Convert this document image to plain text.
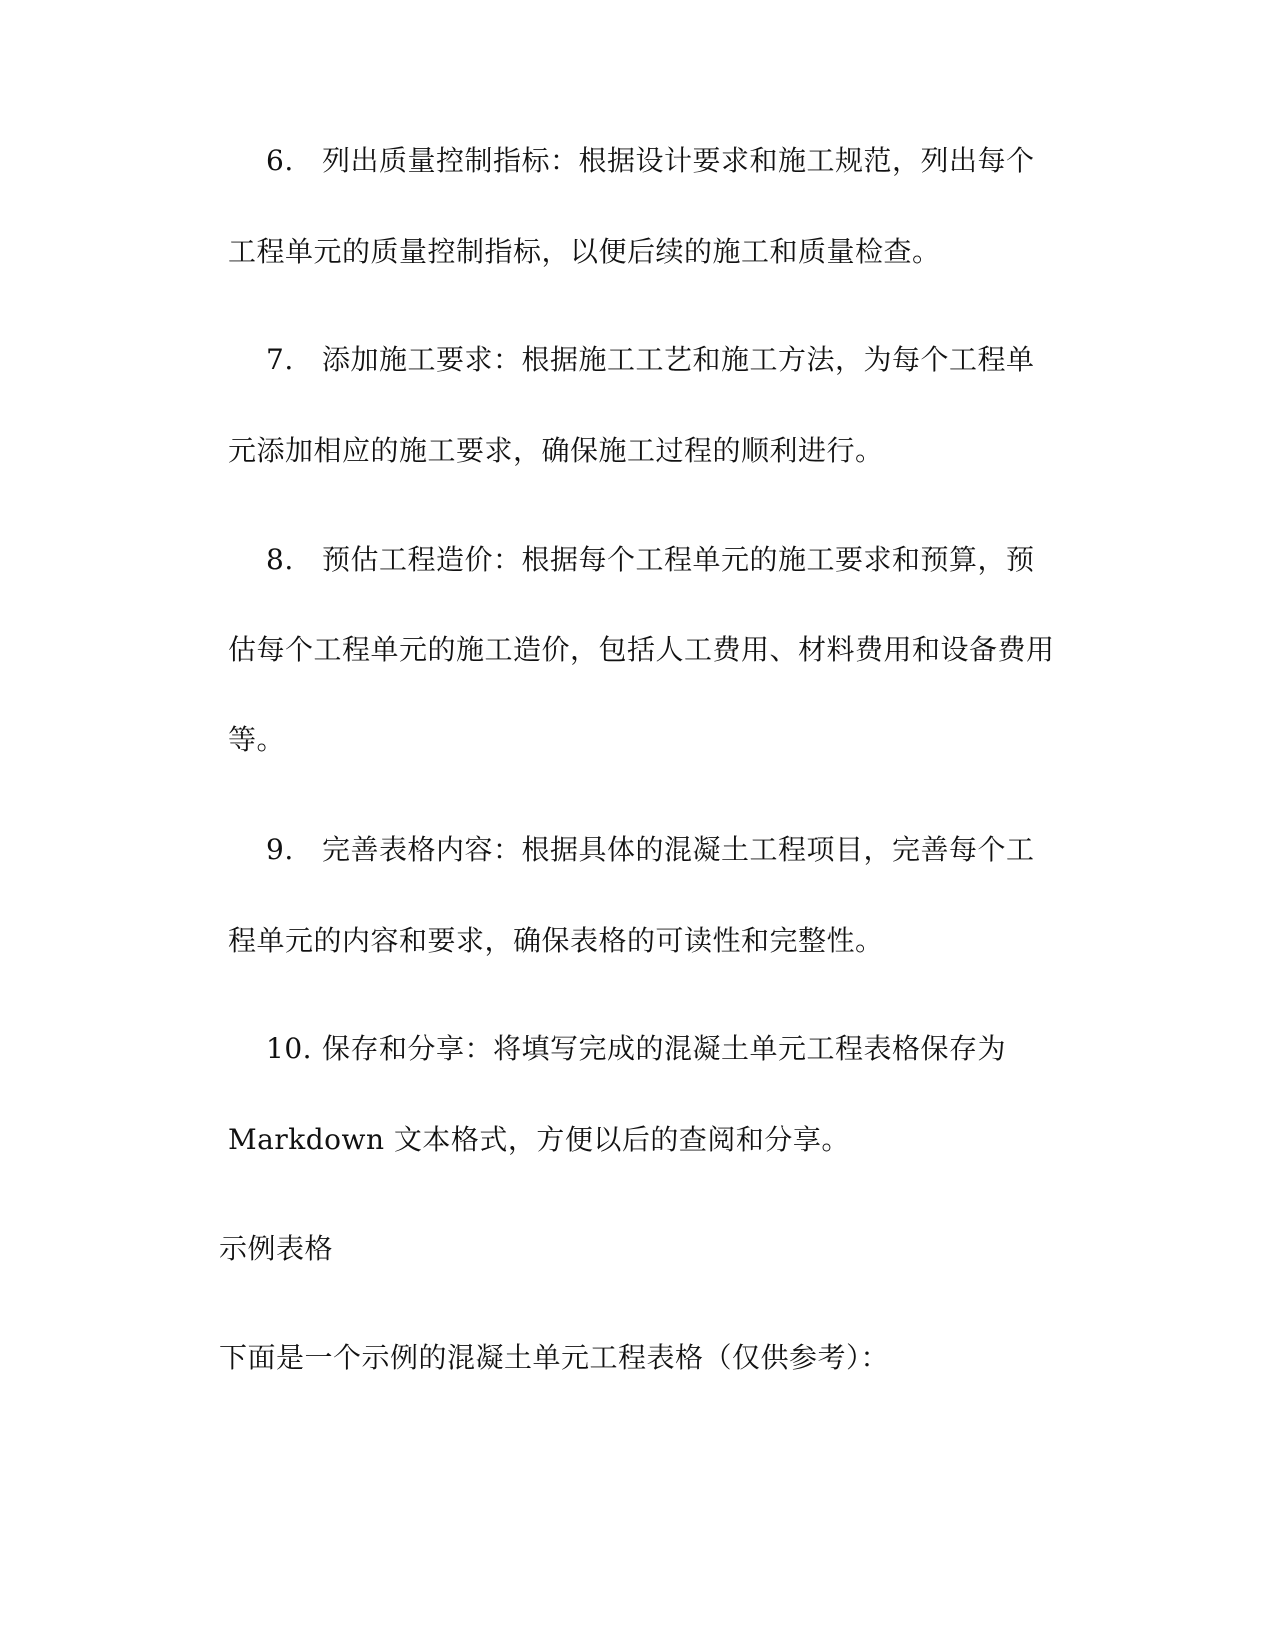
6. 列出质量控制指标：根据设计要求和施工规范，列出每个
工程单元的质量控制指标，以便后续的施工和质量检查。
7. 添加施工要求：根据施工工艺和施工方法，为每个工程单
元添加相应的施工要求，确保施工过程的顺利进行。
8. 预估工程造价：根据每个工程单元的施工要求和预算，预
估每个工程单元的施工造价，包括人工费用、材料费用和设备费用
等。
9. 完善表格内容：根据具体的混凝土工程项目，完善每个工
程单元的内容和要求，确保表格的可读性和完整性。
10. 保存和分享：将填写完成的混凝土单元工程表格保存为
Markdown 文本格式，方便以后的查阅和分享。
示例表格
下面是一个示例的混凝土单元工程表格（仅供参考）：
